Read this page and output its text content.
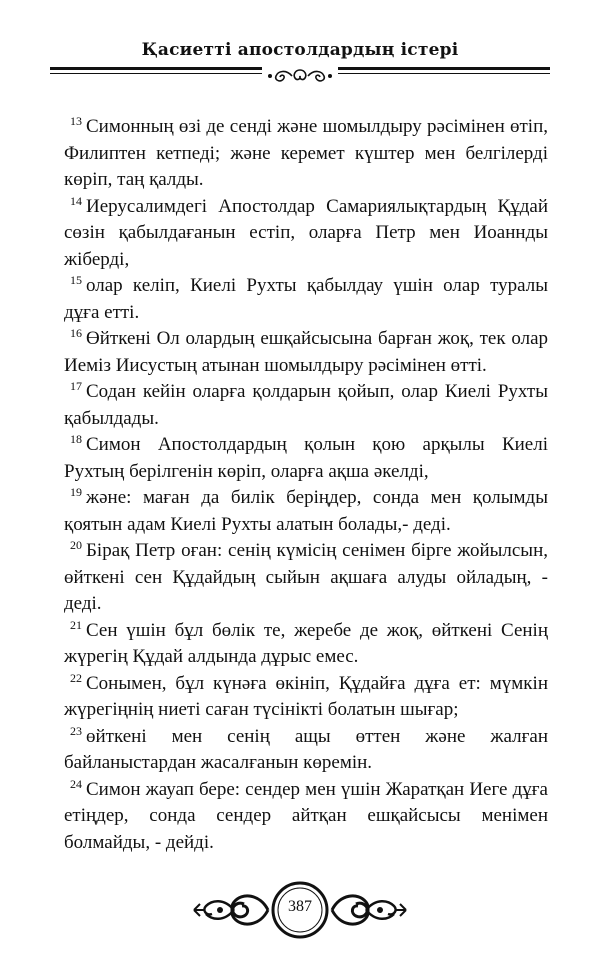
Қасиетті апостолдардың істері

$^{13}$ Симонның өзі де сенді және шомылдыру рәсімінен өтіп, Филиптен кетпеді; және керемет күштер мен белгілерді көріп, таң қалды.

$^{14}$ Иерусалимдегі Апостолдар Самариялықтардың Құдай сөзін қабылдағанын естіп, оларға Петр мен Иоаннды жіберді,

$^{15}$ олар келіп, Киелі Рухты қабылдау үшін олар туралы дұға етті.

$^{16}$ Өйткені Ол олардың ешқайсысына барған жоқ, тек олар Иеміз Иисустың атынан шомылдыру рәсімінен өтті.

$^{17}$ Содан кейін оларға қолдарын қойып, олар Киелі Рухты қабылдады.

$^{18}$ Симон Апостолдардың қолын қою арқылы Киелі Рухтың берілгенін көріп, оларға ақша әкелді,

$^{19}$ және: маған да билік беріңдер, сонда мен қолымды қоятын адам Киелі Рухты алатын болады,- деді.

$^{20}$ Бірақ Петр оған: сенің күмісің сенімен бірге жойылсын, өйткені сен Құдайдың сыйын ақшаға алуды ойладың, - деді.

$^{21}$ Сен үшін бұл бөлік те, жеребе де жоқ, өйткені Сенің жүрегің Құдай алдында дұрыс емес.

$^{22}$ Сонымен, бұл күнәға өкініп, Құдайға дұға ет: мүмкін жүрегіңнің ниеті саған түсінікті болатын шығар;

$^{23}$ өйткені мен сенің ащы өттен және жалған байланыстардан жасалғанын көремін.

$^{24}$ Симон жауап бере: сендер мен үшін Жаратқан Иеге дұға етіңдер, сонда сендер айтқан ешқайсысы менімен болмайды, - дейді.

387
